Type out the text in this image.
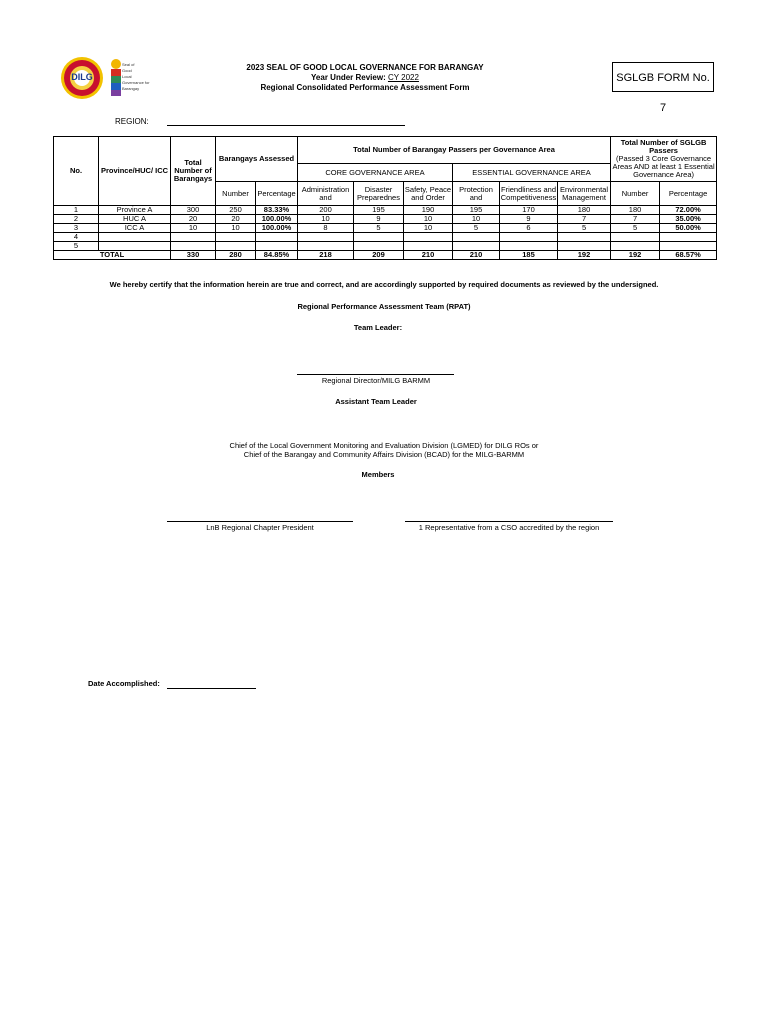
DILG
Seal of
Good
Local
Governance for
Barangay
2023 SEAL OF GOOD LOCAL GOVERNANCE FOR BARANGAY
Year Under Review: CY 2022
Regional Consolidated Performance Assessment Form
SGLGB FORM No. 7
REGION:
No.	Province/HUC/ ICC	Total Number of Barangays	Barangays Assessed		Total Number of Barangay Passers per Governance Area						Total Number of SGLGB Passers
(Passed 3 Core Governance Areas AND at least 1 Essential Governance Area)	

					CORE GOVERNANCE AREA			ESSENTIAL GOVERNANCE AREA				
			Number	Percentage	Administration and	Disaster Preparednes	Safety, Peace and Order	Protection and	Friendliness and Competitiveness	Environmental Management	Number	Percentage
1	Province A	300	250	83.33%	200	195	190	195	170	180	180	72.00%
2	HUC A	20	20	100.00%	10	9	10	10	9	7	7	35.00%
3	ICC A	10	10	100.00%	8	5	10	5	6	5	5	50.00%
4												
5												
TOTAL		330	280	84.85%	218	209	210	210	185	192	192	68.57%
We hereby certify that the information herein are true and correct, and are accordingly supported by required documents as reviewed by the undersigned.
Regional Performance Assessment Team (RPAT)
Team Leader:
Regional Director/MILG BARMM
Assistant Team Leader
Chief of the Local Government Monitoring and Evaluation Division (LGMED) for DILG ROs or
Chief of the Barangay and Community Affairs Division (BCAD) for the MILG-BARMM
Members
LnB Regional Chapter President	1 Representative from a CSO accredited by the region
Date Accomplished:
